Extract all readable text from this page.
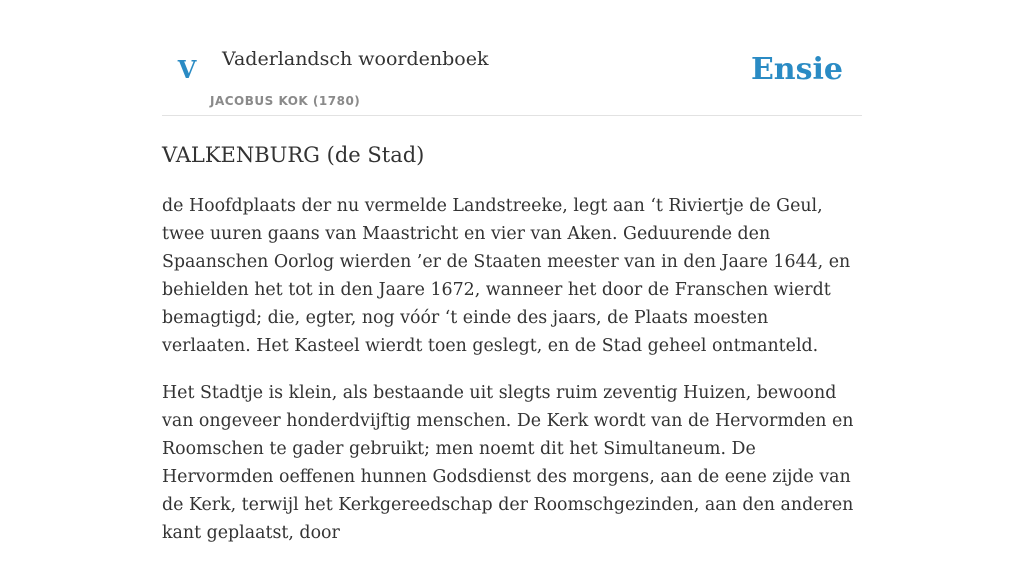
V Vaderlandsch woordenboek
JACOBUS KOK (1780)
Ensie
VALKENBURG (de Stad)

de Hoofdplaats der nu vermelde Landstreeke, legt aan ‘t Riviertje de Geul, twee uuren gaans van Maastricht en vier van Aken. Geduurende den Spaanschen Oorlog wierden ’er de Staaten meester van in den Jaare 1644, en behielden het tot in den Jaare 1672, wanneer het door de Franschen wierdt bemagtigd; die, egter, nog vóór ‘t einde des jaars, de Plaats moesten verlaaten. Het Kasteel wierdt toen geslegt, en de Stad geheel ontmanteld.

Het Stadtje is klein, als bestaande uit slegts ruim zeventig Huizen, bewoond van ongeveer honderdvijftig menschen. De Kerk wordt van de Hervormden en Roomschen te gader gebruikt; men noemt dit het Simultaneum. De Hervormden oeffenen hunnen Godsdienst des morgens, aan de eene zijde van de Kerk, terwijl het Kerkgereedschap der Roomschgezinden, aan den anderen kant geplaatst, door
